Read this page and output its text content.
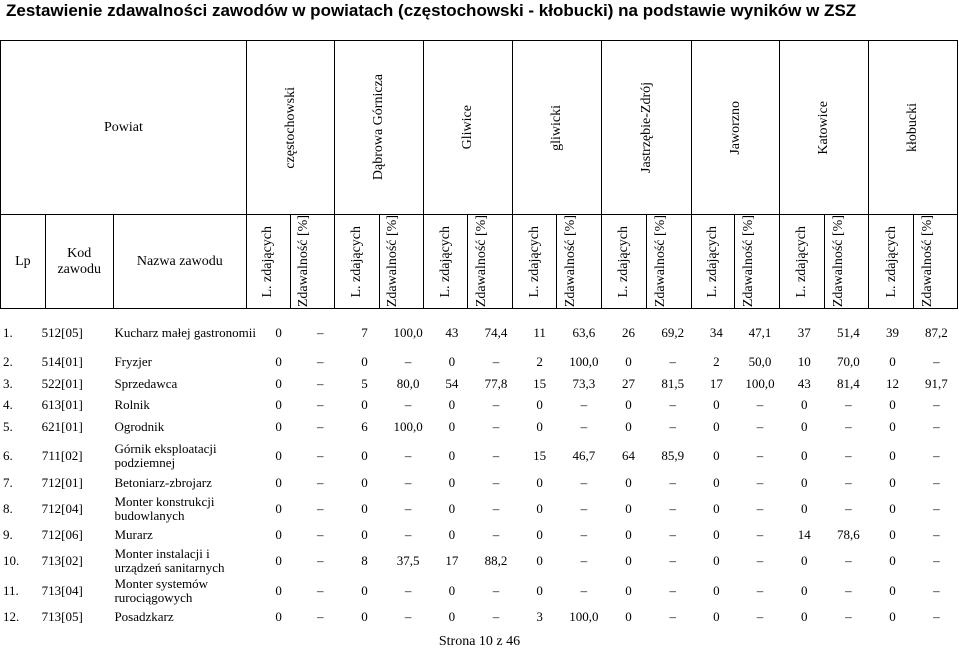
Zestawienie zdawalności zawodów w powiatach (częstochowski - kłobucki) na podstawie wyników w ZSZ
Powiat			częstochowski		Dąbrowa Górnicza		Gliwice		gliwicki		Jastrzębie-Zdrój		Jaworzno		Katowice		kłobucki	

Lp	Kod zawodu	Nazwa zawodu	L. zdających	Zdawalność [%]	L. zdających	Zdawalność [%]	L. zdających	Zdawalność [%]	L. zdających	Zdawalność [%]	L. zdających	Zdawalność [%]	L. zdających	Zdawalność [%]	L. zdających	Zdawalność [%]	L. zdających	Zdawalność [%]
1.	512[05]	Kucharz małej gastronomii	0	–	7	100,0	43	74,4	11	63,6	26	69,2	34	47,1	37	51,4	39	87,2
2.	514[01]	Fryzjer	0	–	0	–	0	–	2	100,0	0	–	2	50,0	10	70,0	0	–
3.	522[01]	Sprzedawca	0	–	5	80,0	54	77,8	15	73,3	27	81,5	17	100,0	43	81,4	12	91,7
4.	613[01]	Rolnik	0	–	0	–	0	–	0	–	0	–	0	–	0	–	0	–
5.	621[01]	Ogrodnik	0	–	6	100,0	0	–	0	–	0	–	0	–	0	–	0	–
6.	711[02]	Górnik eksploatacji podziemnej	0	–	0	–	0	–	15	46,7	64	85,9	0	–	0	–	0	–
7.	712[01]	Betoniarz-zbrojarz	0	–	0	–	0	–	0	–	0	–	0	–	0	–	0	–
8.	712[04]	Monter konstrukcji budowlanych	0	–	0	–	0	–	0	–	0	–	0	–	0	–	0	–
9.	712[06]	Murarz	0	–	0	–	0	–	0	–	0	–	0	–	14	78,6	0	–
10.	713[02]	Monter instalacji i urządzeń sanitarnych	0	–	8	37,5	17	88,2	0	–	0	–	0	–	0	–	0	–
11.	713[04]	Monter systemów rurociągowych	0	–	0	–	0	–	0	–	0	–	0	–	0	–	0	–
12.	713[05]	Posadzkarz	0	–	0	–	0	–	3	100,0	0	–	0	–	0	–	0	–
Strona 10 z 46
